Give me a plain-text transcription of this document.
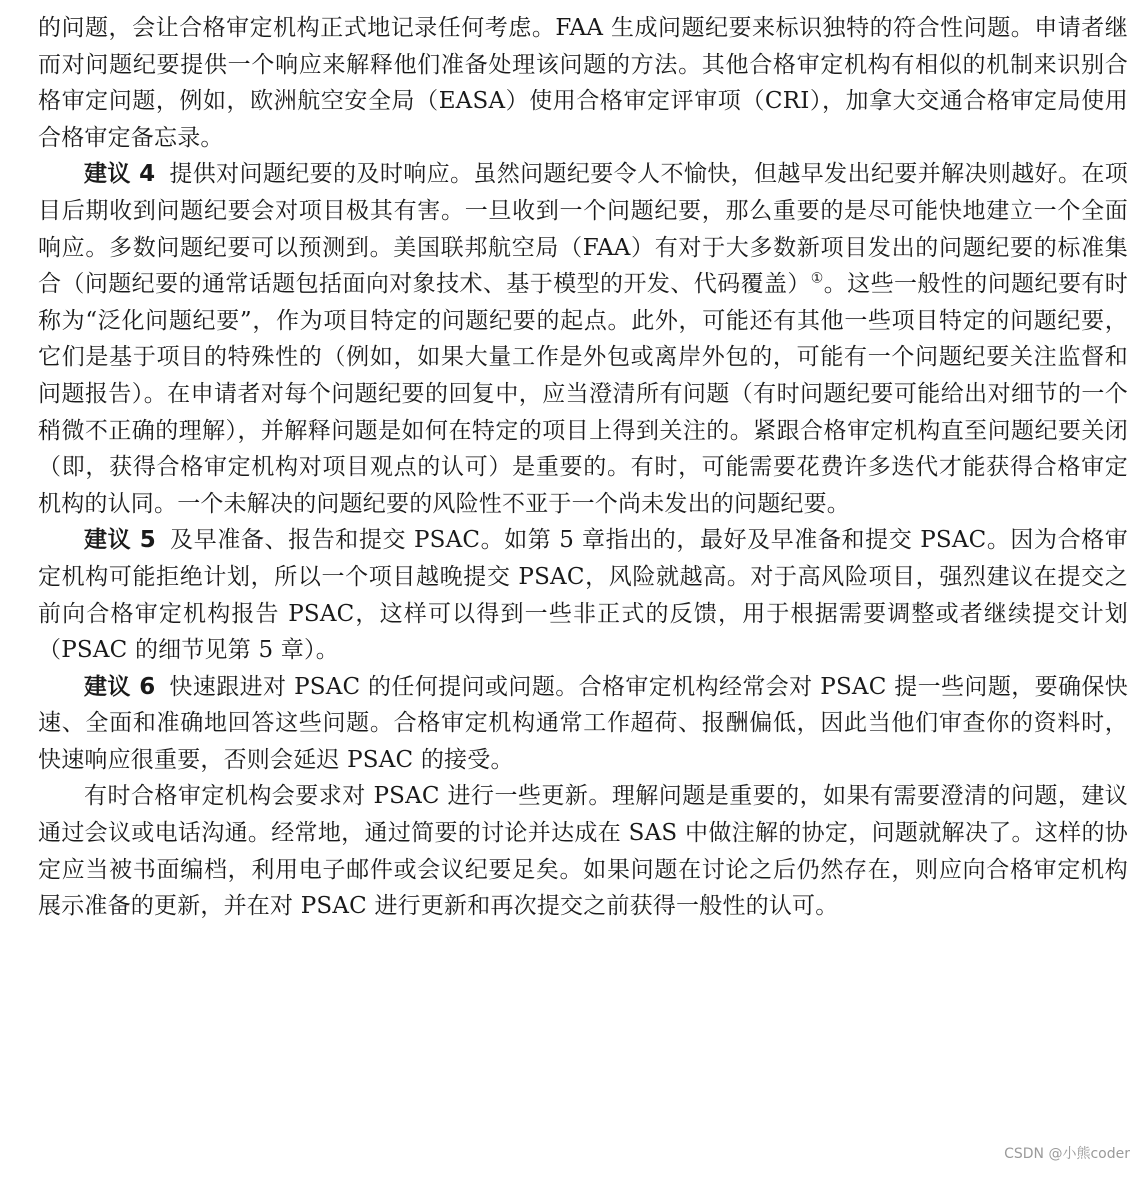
的问题，会让合格审定机构正式地记录任何考虑。FAA 生成问题纪要来标识独特的符合性问题。申请者继而对问题纪要提供一个响应来解释他们准备处理该问题的方法。其他合格审定机构有相似的机制来识别合格审定问题，例如，欧洲航空安全局（EASA）使用合格审定评审项（CRI），加拿大交通合格审定局使用合格审定备忘录。

建议 4 提供对问题纪要的及时响应。虽然问题纪要令人不愉快，但越早发出纪要并解决则越好。在项目后期收到问题纪要会对项目极其有害。一旦收到一个问题纪要，那么重要的是尽可能快地建立一个全面响应。多数问题纪要可以预测到。美国联邦航空局（FAA）有对于大多数新项目发出的问题纪要的标准集合（问题纪要的通常话题包括面向对象技术、基于模型的开发、代码覆盖）①。这些一般性的问题纪要有时称为“泛化问题纪要”，作为项目特定的问题纪要的起点。此外，可能还有其他一些项目特定的问题纪要，它们是基于项目的特殊性的（例如，如果大量工作是外包或离岸外包的，可能有一个问题纪要关注监督和问题报告）。在申请者对每个问题纪要的回复中，应当澄清所有问题（有时问题纪要可能给出对细节的一个稍微不正确的理解），并解释问题是如何在特定的项目上得到关注的。紧跟合格审定机构直至问题纪要关闭（即，获得合格审定机构对项目观点的认可）是重要的。有时，可能需要花费许多迭代才能获得合格审定机构的认同。一个未解决的问题纪要的风险性不亚于一个尚未发出的问题纪要。

建议 5 及早准备、报告和提交 PSAC。如第 5 章指出的，最好及早准备和提交 PSAC。因为合格审定机构可能拒绝计划，所以一个项目越晚提交 PSAC，风险就越高。对于高风险项目，强烈建议在提交之前向合格审定机构报告 PSAC，这样可以得到一些非正式的反馈，用于根据需要调整或者继续提交计划（PSAC 的细节见第 5 章）。

建议 6 快速跟进对 PSAC 的任何提问或问题。合格审定机构经常会对 PSAC 提一些问题，要确保快速、全面和准确地回答这些问题。合格审定机构通常工作超荷、报酬偏低，因此当他们审查你的资料时，快速响应很重要，否则会延迟 PSAC 的接受。

有时合格审定机构会要求对 PSAC 进行一些更新。理解问题是重要的，如果有需要澄清的问题，建议通过会议或电话沟通。经常地，通过简要的讨论并达成在 SAS 中做注解的协定，问题就解决了。这样的协定应当被书面编档，利用电子邮件或会议纪要足矣。如果问题在讨论之后仍然存在，则应向合格审定机构展示准备的更新，并在对 PSAC 进行更新和再次提交之前获得一般性的认可。

CSDN @小熊coder
